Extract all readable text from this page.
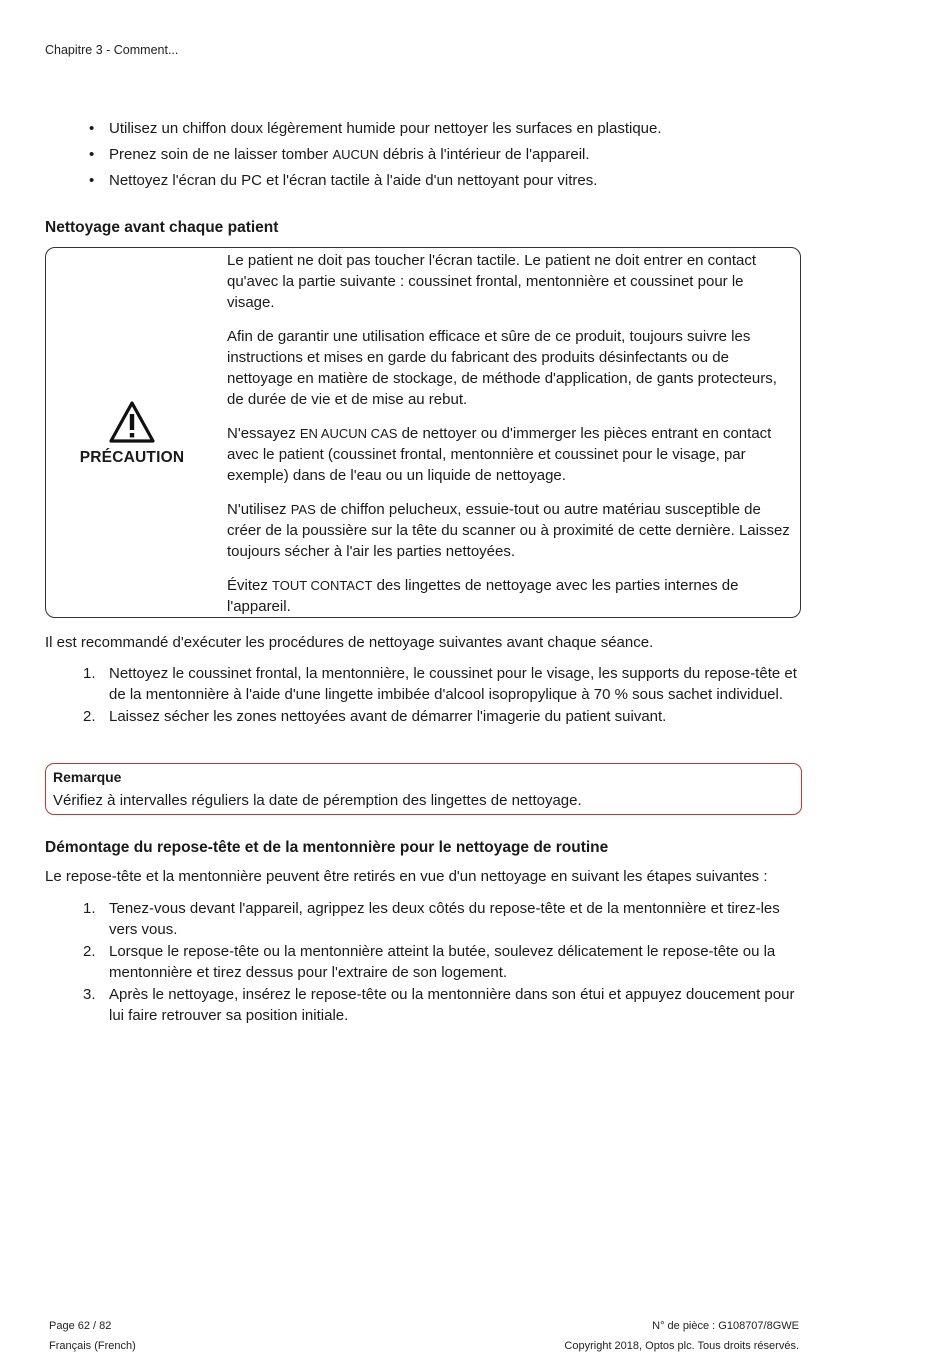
Chapitre 3 - Comment...
• Utilisez un chiffon doux légèrement humide pour nettoyer les surfaces en plastique.
• Prenez soin de ne laisser tomber AUCUN débris à l'intérieur de l'appareil.
• Nettoyez l'écran du PC et l'écran tactile à l'aide d'un nettoyant pour vitres.
Nettoyage avant chaque patient
PRÉCAUTION

Le patient ne doit pas toucher l'écran tactile. Le patient ne doit entrer en contact qu'avec la partie suivante : coussinet frontal, mentonnière et coussinet pour le visage.

Afin de garantir une utilisation efficace et sûre de ce produit, toujours suivre les instructions et mises en garde du fabricant des produits désinfectants ou de nettoyage en matière de stockage, de méthode d'application, de gants protecteurs, de durée de vie et de mise au rebut.

N'essayez EN AUCUN CAS de nettoyer ou d'immerger les pièces entrant en contact avec le patient (coussinet frontal, mentonnière et coussinet pour le visage, par exemple) dans de l'eau ou un liquide de nettoyage.

N'utilisez PAS de chiffon pelucheux, essuie-tout ou autre matériau susceptible de créer de la poussière sur la tête du scanner ou à proximité de cette dernière. Laissez toujours sécher à l'air les parties nettoyées.

Évitez TOUT CONTACT des lingettes de nettoyage avec les parties internes de l'appareil.

Il est recommandé d'exécuter les procédures de nettoyage suivantes avant chaque séance.
1. Nettoyez le coussinet frontal, la mentonnière, le coussinet pour le visage, les supports du repose-tête et de la mentonnière à l'aide d'une lingette imbibée d'alcool isopropylique à 70 % sous sachet individuel.
2. Laissez sécher les zones nettoyées avant de démarrer l'imagerie du patient suivant.
Remarque
Vérifiez à intervalles réguliers la date de péremption des lingettes de nettoyage.
Démontage du repose-tête et de la mentonnière pour le nettoyage de routine
Le repose-tête et la mentonnière peuvent être retirés en vue d'un nettoyage en suivant les étapes suivantes :
1. Tenez-vous devant l'appareil, agrippez les deux côtés du repose-tête et de la mentonnière et tirez-les vers vous.
2. Lorsque le repose-tête ou la mentonnière atteint la butée, soulevez délicatement le repose-tête ou la mentonnière et tirez dessus pour l'extraire de son logement.
3. Après le nettoyage, insérez le repose-tête ou la mentonnière dans son étui et appuyez doucement pour lui faire retrouver sa position initiale.
Page 62 / 82
Français (French)
N° de pièce : G108707/8GWE
Copyright 2018, Optos plc. Tous droits réservés.
